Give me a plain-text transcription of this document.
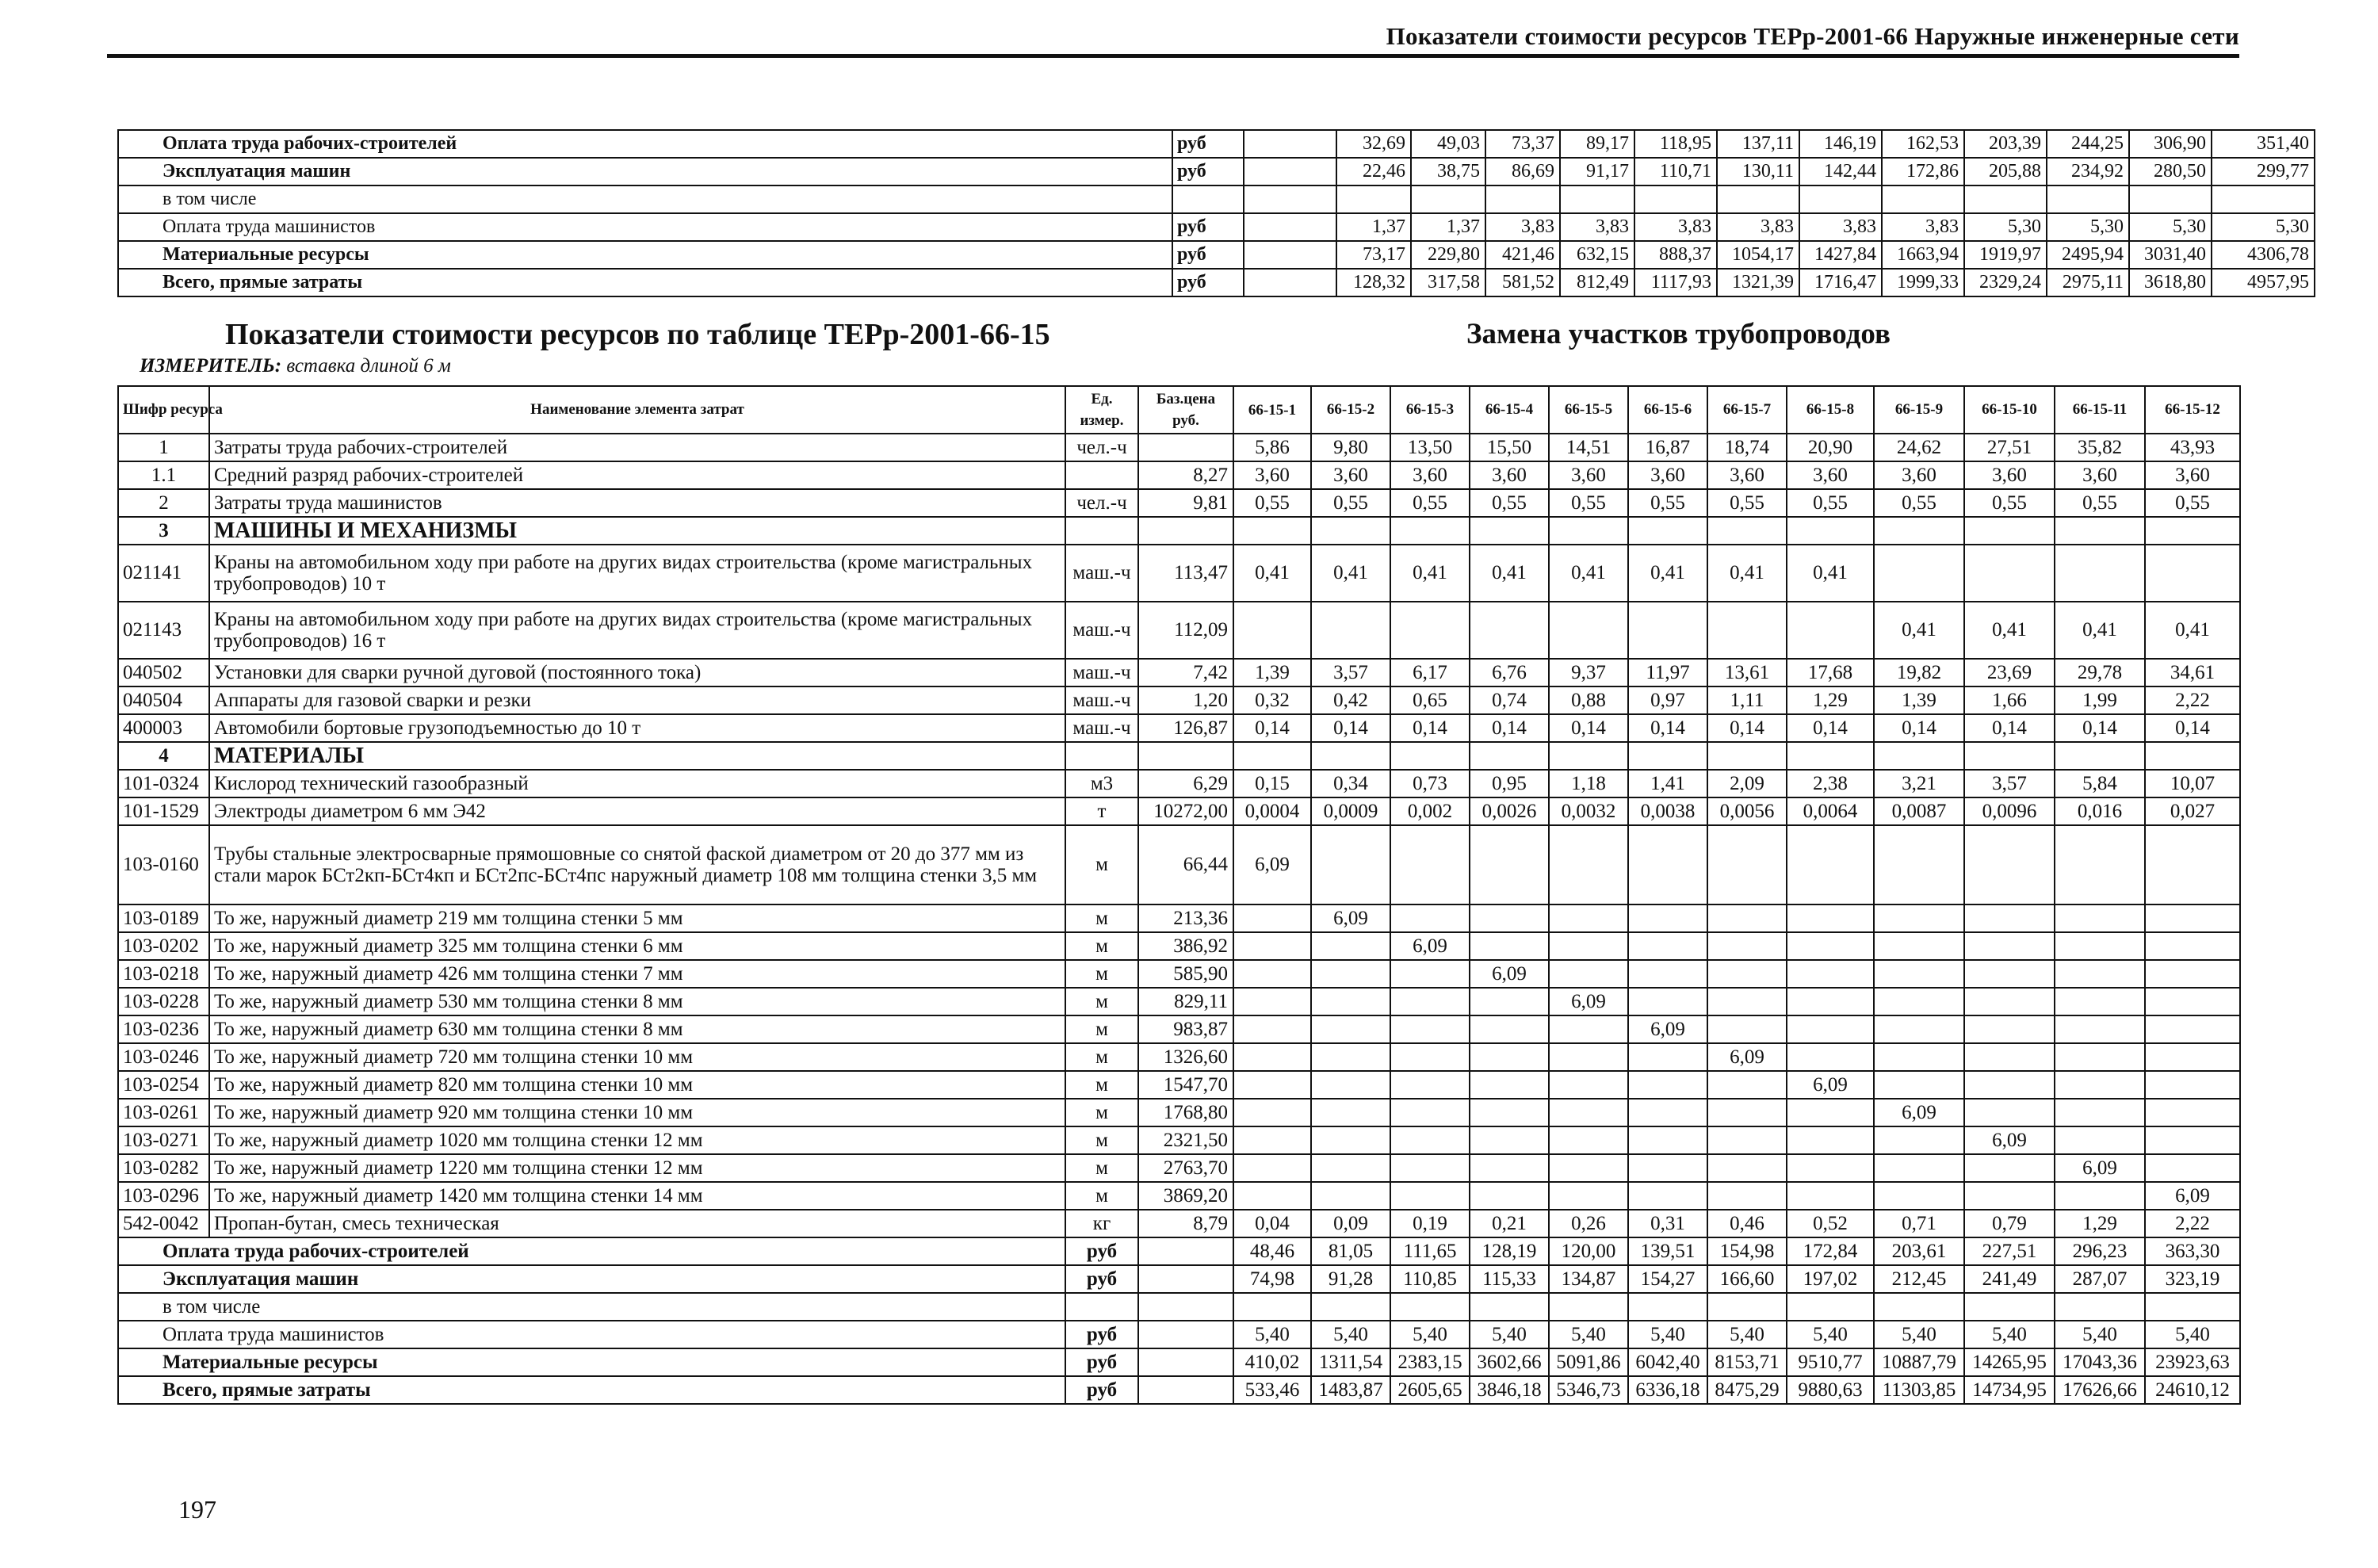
Показатели стоимости ресурсов ТЕРр-2001-66 Наружные инженерные сети
Оплата труда рабочих-строителей	руб		32,69	49,03	73,37	89,17	118,95	137,11	146,19	162,53	203,39	244,25	306,90	351,40
Эксплуатация машин	руб		22,46	38,75	86,69	91,17	110,71	130,11	142,44	172,86	205,88	234,92	280,50	299,77
в том числе														
Оплата труда машинистов	руб		1,37	1,37	3,83	3,83	3,83	3,83	3,83	3,83	5,30	5,30	5,30	5,30
Материальные ресурсы	руб		73,17	229,80	421,46	632,15	888,37	1054,17	1427,84	1663,94	1919,97	2495,94	3031,40	4306,78
Всего, прямые затраты	руб		128,32	317,58	581,52	812,49	1117,93	1321,39	1716,47	1999,33	2329,24	2975,11	3618,80	4957,95
Показатели стоимости ресурсов по таблице ТЕРр-2001-66-15	Замена участков трубопроводов
ИЗМЕРИТЕЛЬ: вставка длиной 6 м
Шифр ресурса	Наименование элемента затрат	Ед. измер.	Баз.цена руб.	66-15-1	66-15-2	66-15-3	66-15-4	66-15-5	66-15-6	66-15-7	66-15-8	66-15-9	66-15-10	66-15-11	66-15-12
1	Затраты труда рабочих-строителей	чел.-ч		5,86	9,80	13,50	15,50	14,51	16,87	18,74	20,90	24,62	27,51	35,82	43,93
1.1	Средний разряд рабочих-строителей		8,27	3,60	3,60	3,60	3,60	3,60	3,60	3,60	3,60	3,60	3,60	3,60	3,60
2	Затраты труда машинистов	чел.-ч	9,81	0,55	0,55	0,55	0,55	0,55	0,55	0,55	0,55	0,55	0,55	0,55	0,55
3	МАШИНЫ И МЕХАНИЗМЫ														
021141	Краны на автомобильном ходу при работе на других видах строительства (кроме магистральных трубопроводов) 10 т	маш.-ч	113,47	0,41	0,41	0,41	0,41	0,41	0,41	0,41	0,41				
021143	Краны на автомобильном ходу при работе на других видах строительства (кроме магистральных трубопроводов) 16 т	маш.-ч	112,09									0,41	0,41	0,41	0,41
040502	Установки для сварки ручной дуговой (постоянного тока)	маш.-ч	7,42	1,39	3,57	6,17	6,76	9,37	11,97	13,61	17,68	19,82	23,69	29,78	34,61
040504	Аппараты для газовой сварки и резки	маш.-ч	1,20	0,32	0,42	0,65	0,74	0,88	0,97	1,11	1,29	1,39	1,66	1,99	2,22
400003	Автомобили бортовые грузоподъемностью до 10 т	маш.-ч	126,87	0,14	0,14	0,14	0,14	0,14	0,14	0,14	0,14	0,14	0,14	0,14	0,14
4	МАТЕРИАЛЫ														
101-0324	Кислород технический газообразный	м3	6,29	0,15	0,34	0,73	0,95	1,18	1,41	2,09	2,38	3,21	3,57	5,84	10,07
101-1529	Электроды диаметром 6 мм Э42	т	10272,00	0,0004	0,0009	0,002	0,0026	0,0032	0,0038	0,0056	0,0064	0,0087	0,0096	0,016	0,027
103-0160	Трубы стальные электросварные прямошовные со снятой фаской диаметром от 20 до 377 мм из стали марок БСт2кп-БСт4кп и БСт2пс-БСт4пс наружный диаметр 108 мм толщина стенки 3,5 мм	м	66,44	6,09											
103-0189	То же, наружный диаметр 219 мм толщина стенки 5 мм	м	213,36		6,09										
103-0202	То же, наружный диаметр 325 мм толщина стенки 6 мм	м	386,92			6,09									
103-0218	То же, наружный диаметр 426 мм толщина стенки 7 мм	м	585,90				6,09								
103-0228	То же, наружный диаметр 530 мм толщина стенки 8 мм	м	829,11					6,09							
103-0236	То же, наружный диаметр 630 мм толщина стенки 8 мм	м	983,87						6,09						
103-0246	То же, наружный диаметр 720 мм толщина стенки 10 мм	м	1326,60							6,09					
103-0254	То же, наружный диаметр 820 мм толщина стенки 10 мм	м	1547,70								6,09				
103-0261	То же, наружный диаметр 920 мм толщина стенки 10 мм	м	1768,80									6,09			
103-0271	То же, наружный диаметр 1020 мм толщина стенки 12 мм	м	2321,50										6,09		
103-0282	То же, наружный диаметр 1220 мм толщина стенки 12 мм	м	2763,70											6,09	
103-0296	То же, наружный диаметр 1420 мм толщина стенки 14 мм	м	3869,20												6,09
542-0042	Пропан-бутан, смесь техническая	кг	8,79	0,04	0,09	0,19	0,21	0,26	0,31	0,46	0,52	0,71	0,79	1,29	2,22
Оплата труда рабочих-строителей		руб		48,46	81,05	111,65	128,19	120,00	139,51	154,98	172,84	203,61	227,51	296,23	363,30
Эксплуатация машин		руб		74,98	91,28	110,85	115,33	134,87	154,27	166,60	197,02	212,45	241,49	287,07	323,19
в том числе															
Оплата труда машинистов		руб		5,40	5,40	5,40	5,40	5,40	5,40	5,40	5,40	5,40	5,40	5,40	5,40
Материальные ресурсы		руб		410,02	1311,54	2383,15	3602,66	5091,86	6042,40	8153,71	9510,77	10887,79	14265,95	17043,36	23923,63
Всего, прямые затраты		руб		533,46	1483,87	2605,65	3846,18	5346,73	6336,18	8475,29	9880,63	11303,85	14734,95	17626,66	24610,12
197
